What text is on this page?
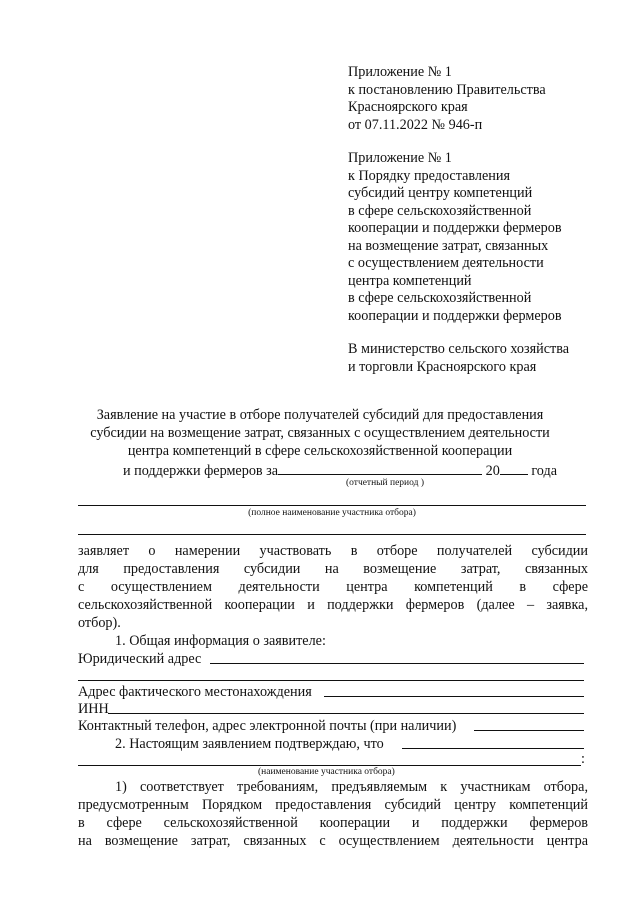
Приложение № 1
к постановлению Правительства
Красноярского края
от 07.11.2022 № 946-п
Приложение № 1
к Порядку предоставления
субсидий центру компетенций
в сфере сельскохозяйственной
кооперации и поддержки фермеров
на возмещение затрат, связанных
с осуществлением деятельности
центра компетенций
в сфере сельскохозяйственной
кооперации и поддержки фермеров
В министерство сельского хозяйства
и торговли Красноярского края
Заявление на участие в отборе получателей субсидий для предоставления
субсидии на возмещение затрат, связанных с осуществлением деятельности
центра компетенций в сфере сельскохозяйственной кооперации
и поддержки фермеров за	20 года
(отчетный период )
(полное наименование участника отбора)
заявляет о намерении участвовать в отборе получателей субсидии
для предоставления субсидии на возмещение затрат, связанных
с осуществлением деятельности центра компетенций в сфере
сельскохозяйственной кооперации и поддержки фермеров (далее – заявка,
отбор).
1. Общая информация о заявителе:
Юридический адрес
Адрес фактического местонахождения
ИНН
Контактный телефон, адрес электронной почты (при наличии)
2. Настоящим заявлением подтверждаю, что
:
(наименование участника отбора)
1) соответствует требованиям, предъявляемым к участникам отбора,
предусмотренным Порядком предоставления субсидий центру компетенций
в сфере сельскохозяйственной кооперации и поддержки фермеров
на возмещение затрат, связанных с осуществлением деятельности центра
